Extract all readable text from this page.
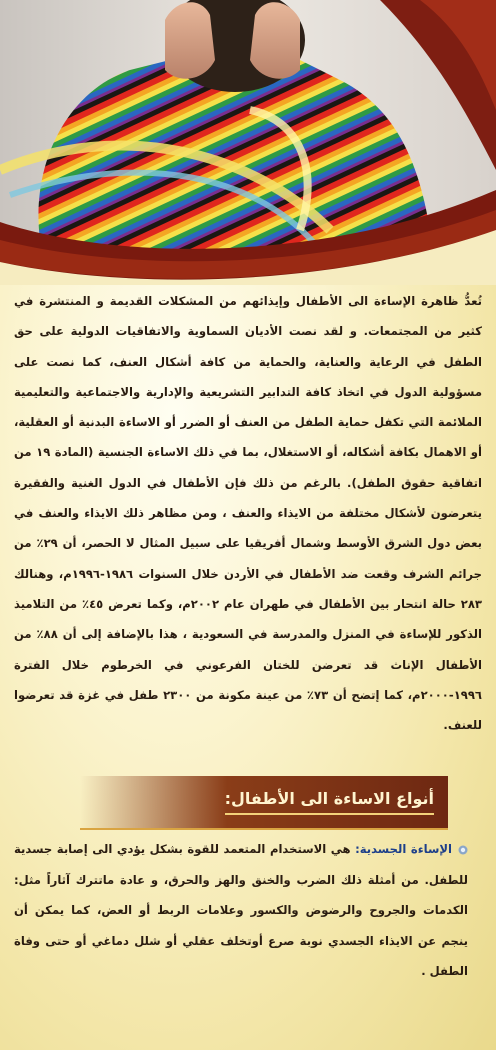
تُعدُّ ظاهرة الإساءة الى الأطفال وإيذائهم من المشكلات القديمة و المنتشرة في كثير من المجتمعات. و لقد نصت الأديان السماوية والاتفاقيات الدولية على حق الطفل في الرعاية والعناية، والحماية من كافة أشكال العنف، كما نصت على مسؤولية الدول في اتخاذ كافة التدابير التشريعية والإدارية والاجتماعية والتعليمية الملائمة التي تكفل حماية الطفل من العنف أو الضرر أو الاساءة البدنية أو العقلية، أو الاهمال بكافة أشكاله، أو الاستغلال، بما في ذلك الاساءة الجنسية (المادة ١٩ من اتفاقية حقوق الطفل). بالرغم من ذلك فإن الأطفال في الدول الغنية والفقيرة يتعرضون لأشكال مختلفة من الايذاء والعنف ، ومن مظاهر ذلك الايذاء والعنف في بعض دول الشرق الأوسط وشمال أفريقيا على سبيل المثال لا الحصر، أن ٢٩٪ من جرائم الشرف وقعت ضد الأطفال في الأردن خلال السنوات ١٩٨٦-١٩٩٦م، وهنالك ٢٨٣ حالة انتحار بين الأطفال في طهران عام ٢٠٠٢م، وكما تعرض ٤٥٪ من التلاميذ الذكور للإساءة في المنزل والمدرسة في السعودية ، هذا بالإضافة إلى أن ٨٨٪ من الأطفال الإناث قد تعرضن للختان الفرعوني في الخرطوم خلال الفترة ١٩٩٦-٢٠٠٠م، كما إتضح أن ٧٣٪ من عينة مكونة من ٢٣٠٠ طفل في غزة قد تعرضوا للعنف.
أنواع الاساءة الى الأطفال:
الإساءة الجسدية: هي الاستخدام المتعمد للقوة بشكل يؤدي الى إصابة جسدية للطفل. من أمثلة ذلك الضرب والخنق والهز والحرق، و عادة ماتترك آثاراً مثل: الكدمات والجروح والرضوض والكسور وعلامات الربط أو العض، كما يمكن أن ينجم عن الايذاء الجسدي نوبة صرع أوتخلف عقلي أو شلل دماغي أو حتى وفاة الطفل .
